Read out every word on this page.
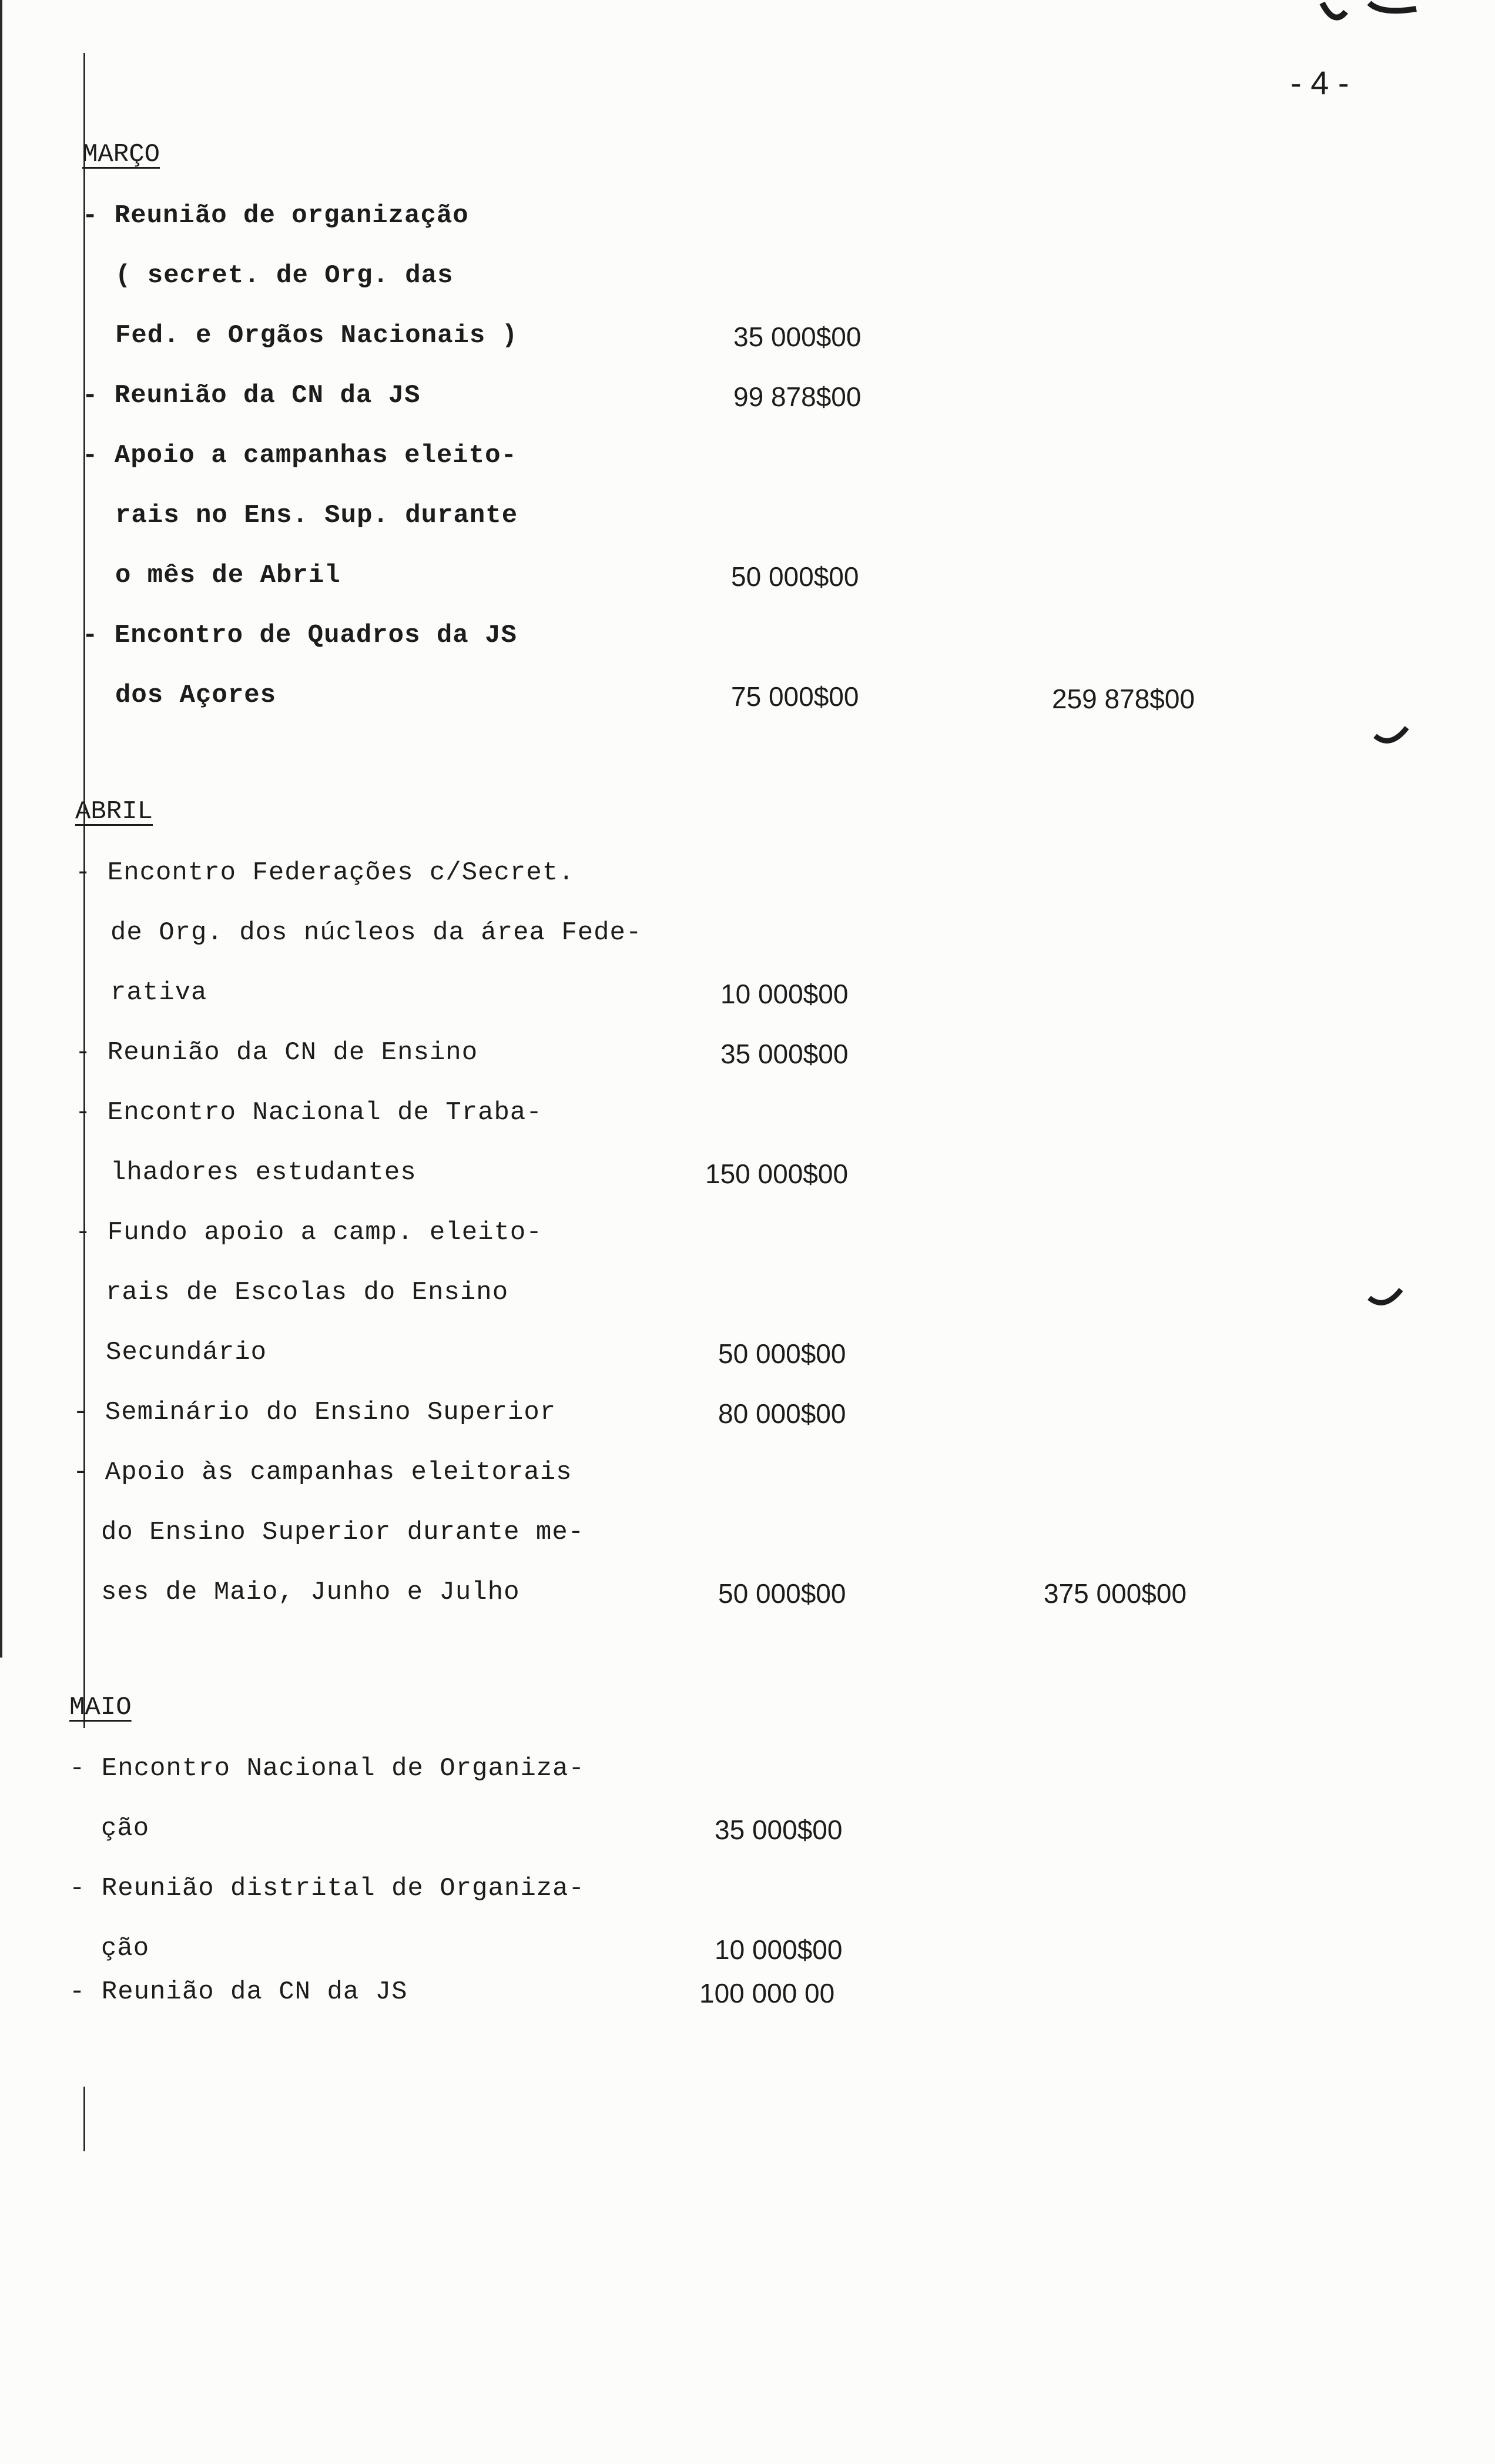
- 4 -
MARÇO
- Reunião de organização
( secret. de Org. das
Fed. e Orgãos Nacionais )	35 000$00
- Reunião da CN da JS	99 878$00
- Apoio a campanhas eleito-
rais no Ens. Sup. durante
o mês de Abril	50 000$00
- Encontro de Quadros da JS
dos Açores	75 000$00	259 878$00
ABRIL
- Encontro Federações c/Secret.
de Org. dos núcleos da área Fede-
rativa	10 000$00
- Reunião da CN de Ensino	35 000$00
- Encontro Nacional de Traba-
lhadores estudantes	150 000$00
- Fundo apoio a camp. eleito-
rais de Escolas do Ensino
Secundário	50 000$00
- Seminário do Ensino Superior	80 000$00
- Apoio às campanhas eleitorais
do Ensino Superior durante me-
ses de Maio, Junho e Julho	50 000$00	375 000$00
MAIO
- Encontro Nacional de Organiza-
ção	35 000$00
- Reunião distrital de Organiza-
ção	10 000$00
- Reunião da CN da JS	100 000 00
